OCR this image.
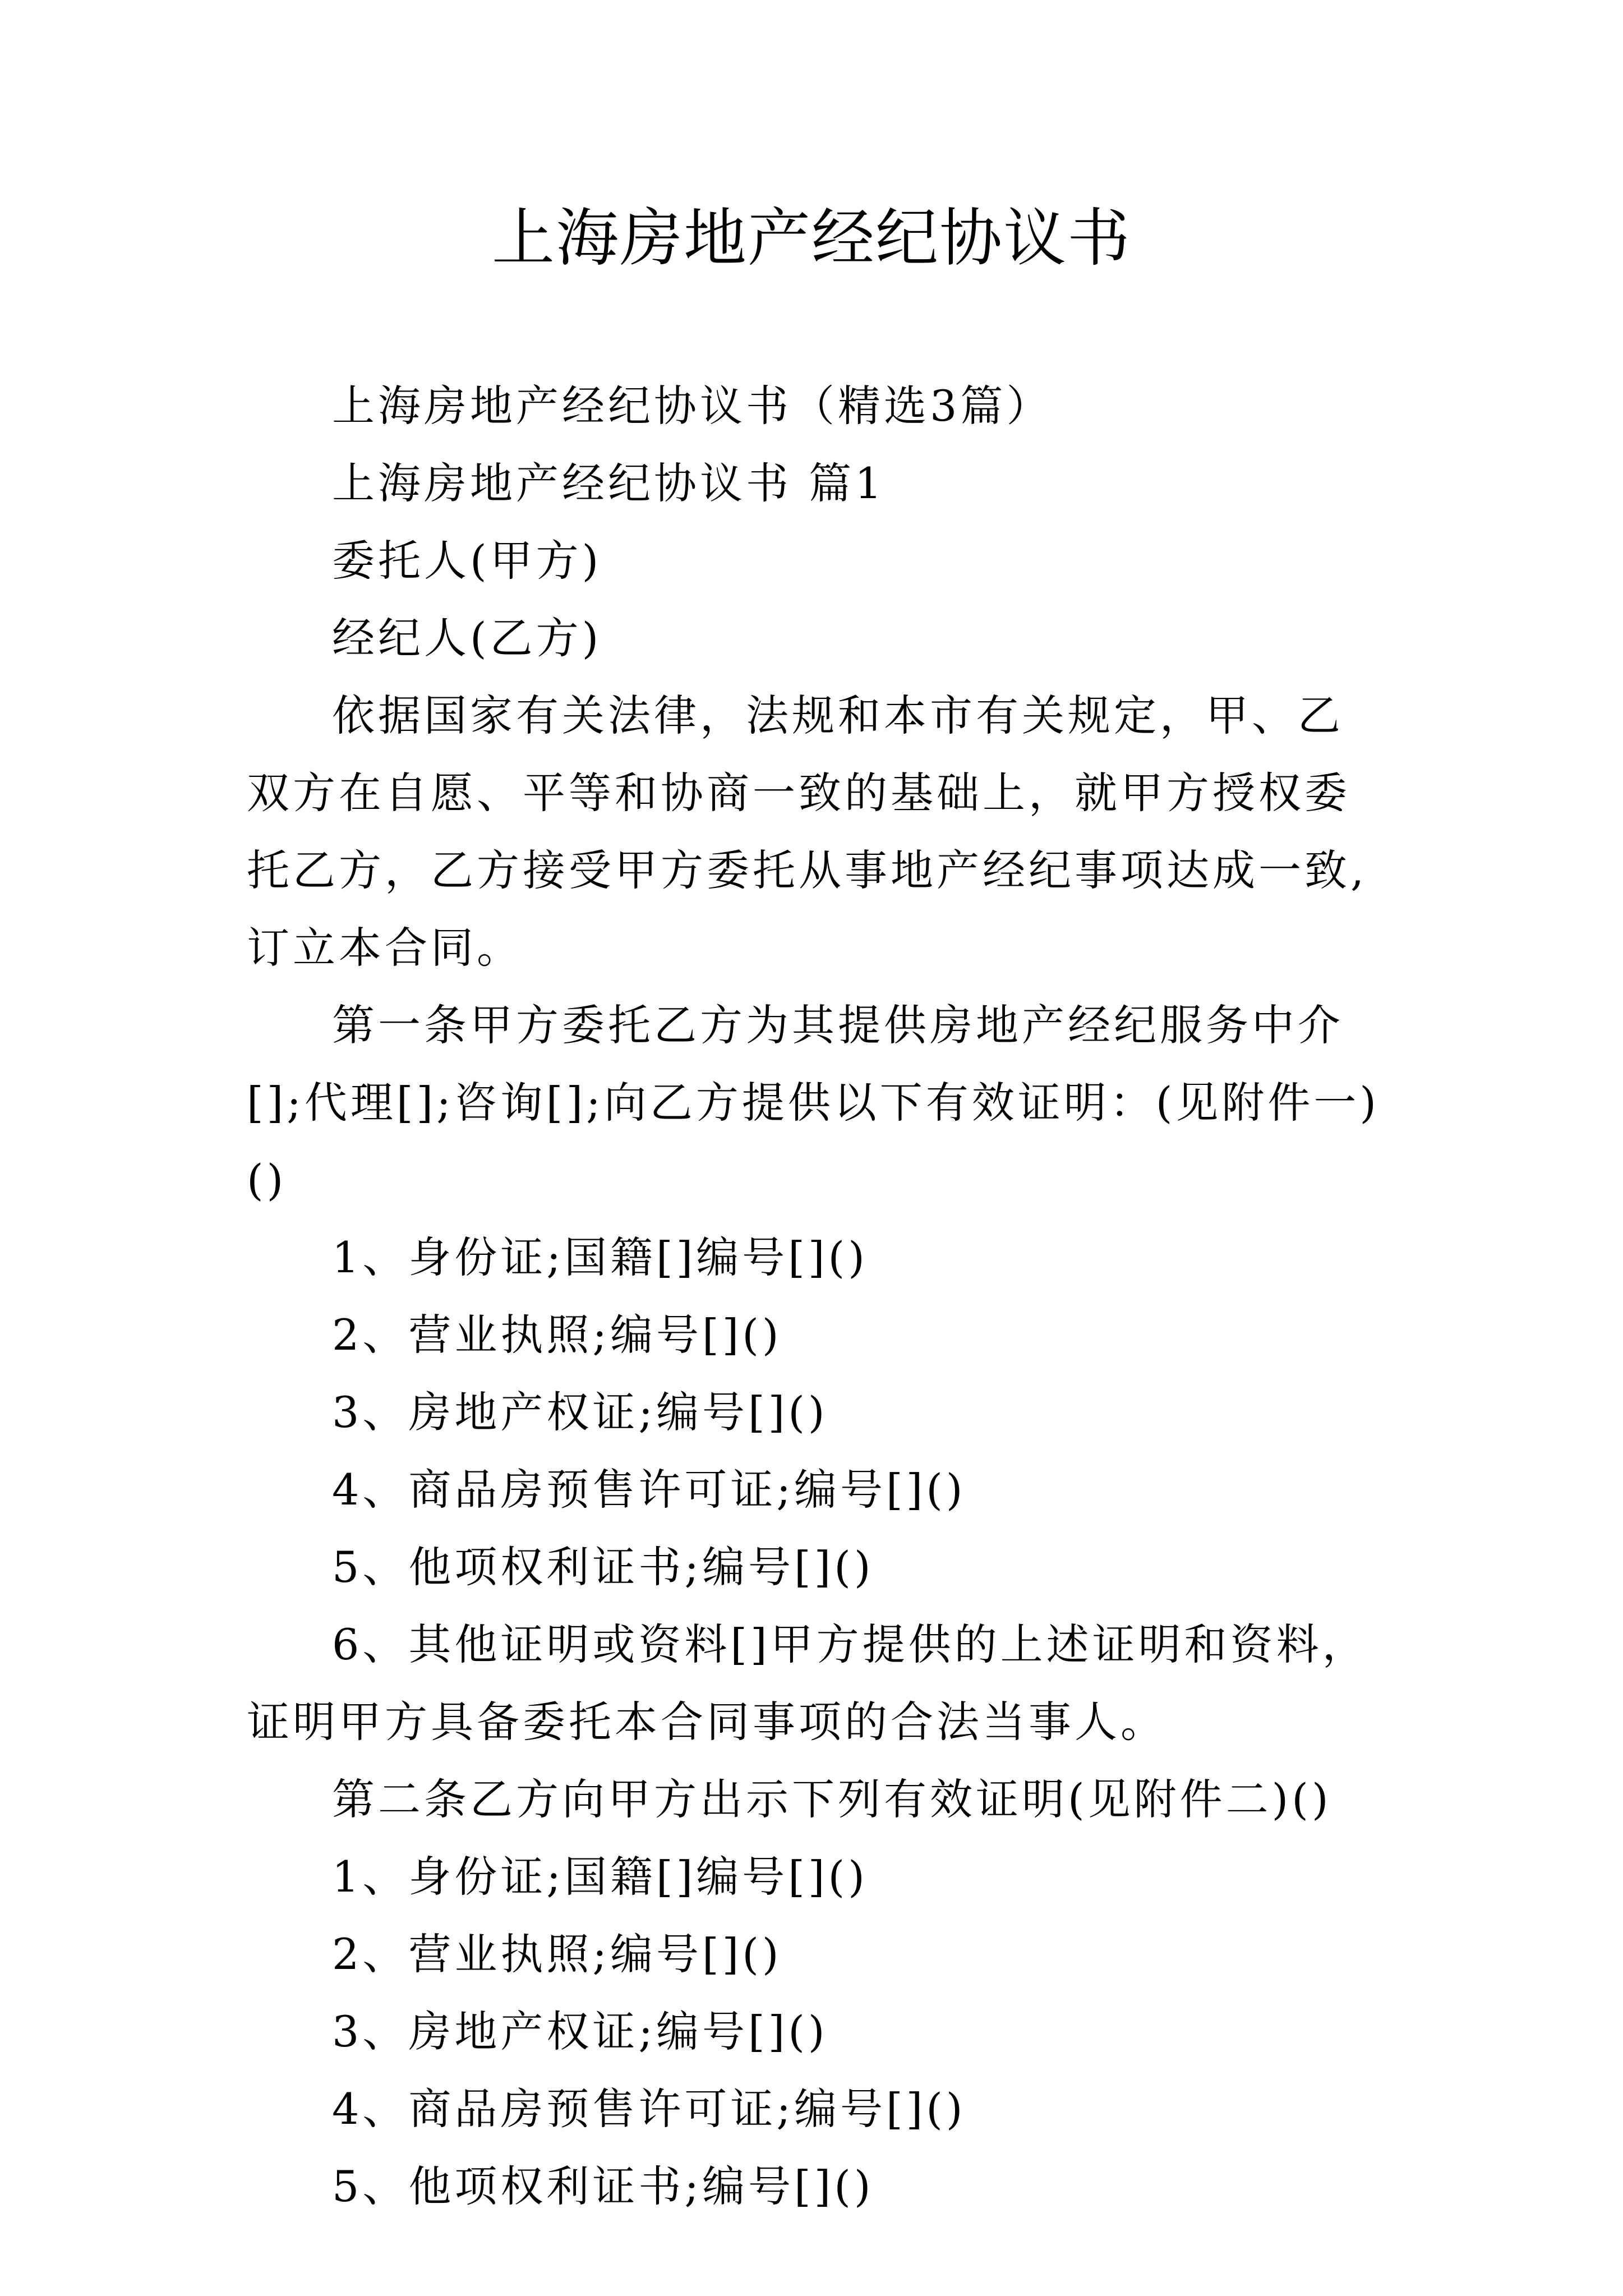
上海房地产经纪协议书

上海房地产经纪协议书（精选3篇）

上海房地产经纪协议书 篇1

委托人(甲方)

经纪人(乙方)

依据国家有关法律，法规和本市有关规定，甲、乙双方在自愿、平等和协商一致的基础上，就甲方授权委托乙方，乙方接受甲方委托从事地产经纪事项达成一致,订立本合同。

第一条甲方委托乙方为其提供房地产经纪服务中介[];代理[];咨询[];向乙方提供以下有效证明：(见附件一)()

1、身份证;国籍[]编号[]()

2、营业执照;编号[]()

3、房地产权证;编号[]()

4、商品房预售许可证;编号[]()

5、他项权利证书;编号[]()

6、其他证明或资料[]甲方提供的上述证明和资料，证明甲方具备委托本合同事项的合法当事人。

第二条乙方向甲方出示下列有效证明(见附件二)()

1、身份证;国籍[]编号[]()

2、营业执照;编号[]()

3、房地产权证;编号[]()

4、商品房预售许可证;编号[]()

5、他项权利证书;编号[]()
